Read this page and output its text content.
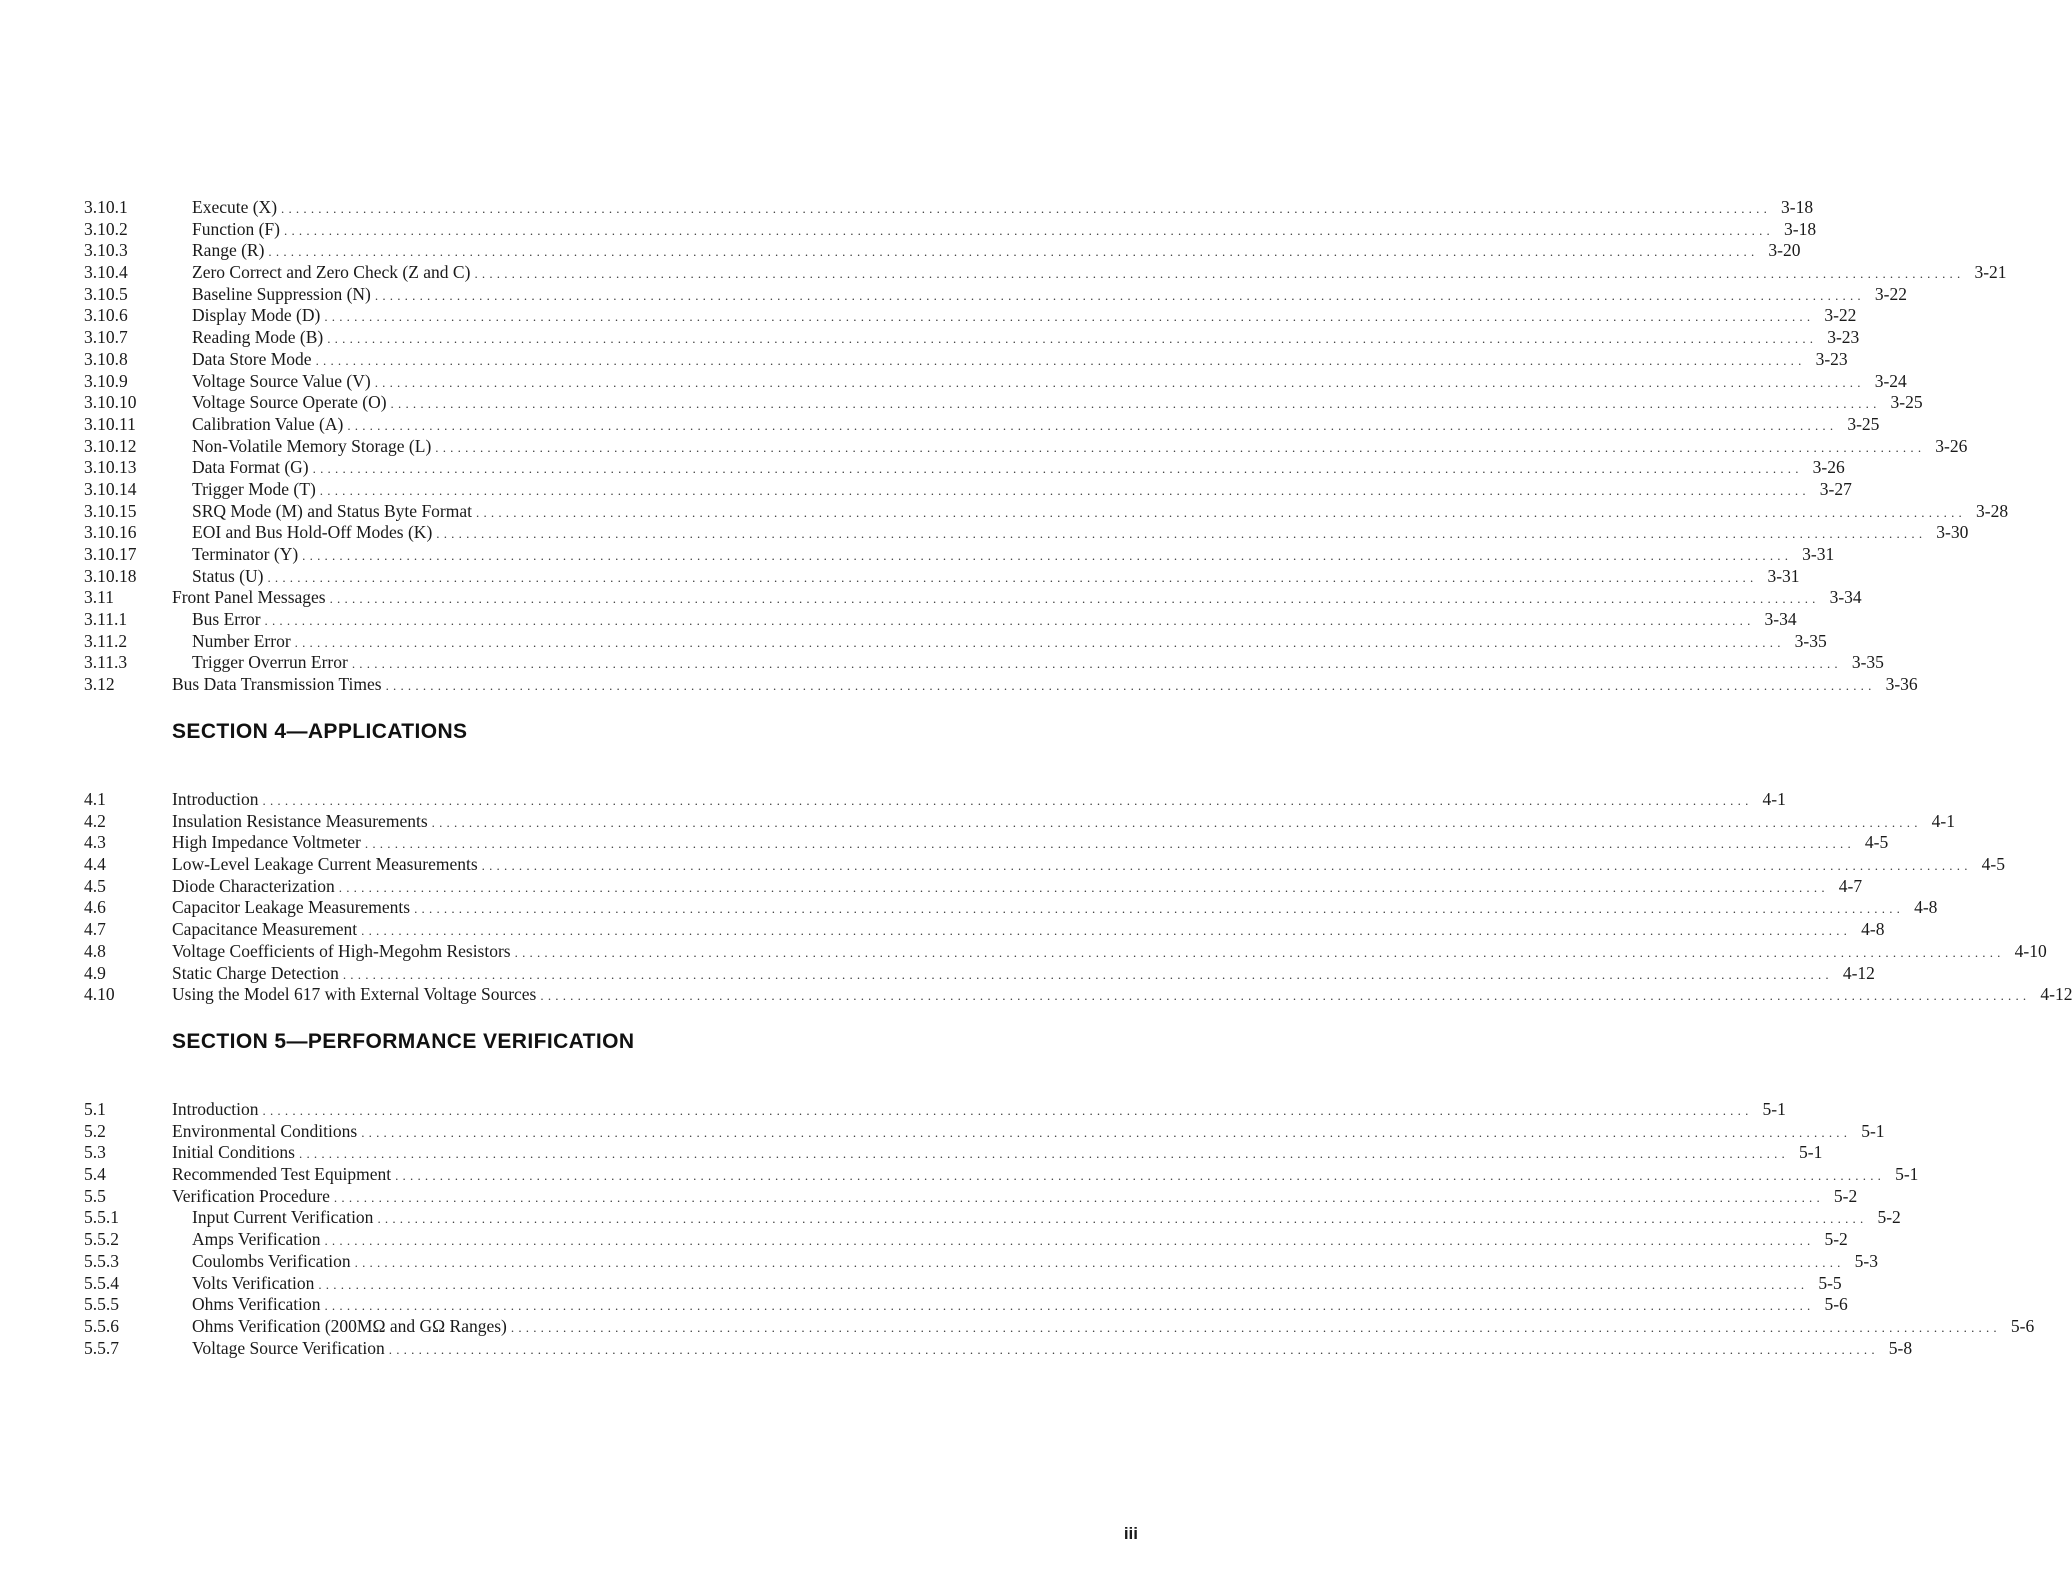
3.10.1	Execute (X) ........................................................................................................................................................................................................ 3-18
3.10.2	Function (F) ........................................................................................................................................................................................................ 3-18
3.10.3	Range (R) ........................................................................................................................................................................................................ 3-20
3.10.4	Zero Correct and Zero Check (Z and C) ........................................................................................................................................................................................................ 3-21
3.10.5	Baseline Suppression (N) ........................................................................................................................................................................................................ 3-22
3.10.6	Display Mode (D) ........................................................................................................................................................................................................ 3-22
3.10.7	Reading Mode (B) ........................................................................................................................................................................................................ 3-23
3.10.8	Data Store Mode ........................................................................................................................................................................................................ 3-23
3.10.9	Voltage Source Value (V) ........................................................................................................................................................................................................ 3-24
3.10.10	Voltage Source Operate (O) ........................................................................................................................................................................................................ 3-25
3.10.11	Calibration Value (A) ........................................................................................................................................................................................................ 3-25
3.10.12	Non-Volatile Memory Storage (L) ........................................................................................................................................................................................................ 3-26
3.10.13	Data Format (G) ........................................................................................................................................................................................................ 3-26
3.10.14	Trigger Mode (T) ........................................................................................................................................................................................................ 3-27
3.10.15	SRQ Mode (M) and Status Byte Format ........................................................................................................................................................................................................ 3-28
3.10.16	EOI and Bus Hold-Off Modes (K) ........................................................................................................................................................................................................ 3-30
3.10.17	Terminator (Y) ........................................................................................................................................................................................................ 3-31
3.10.18	Status (U) ........................................................................................................................................................................................................ 3-31
3.11	Front Panel Messages ........................................................................................................................................................................................................ 3-34
3.11.1	Bus Error ........................................................................................................................................................................................................ 3-34
3.11.2	Number Error ........................................................................................................................................................................................................ 3-35
3.11.3	Trigger Overrun Error ........................................................................................................................................................................................................ 3-35
3.12	Bus Data Transmission Times ........................................................................................................................................................................................................ 3-36
SECTION 4—APPLICATIONS
4.1	Introduction ........................................................................................................................................................................................................ 4-1
4.2	Insulation Resistance Measurements ........................................................................................................................................................................................................ 4-1
4.3	High Impedance Voltmeter ........................................................................................................................................................................................................ 4-5
4.4	Low-Level Leakage Current Measurements ........................................................................................................................................................................................................ 4-5
4.5	Diode Characterization ........................................................................................................................................................................................................ 4-7
4.6	Capacitor Leakage Measurements ........................................................................................................................................................................................................ 4-8
4.7	Capacitance Measurement ........................................................................................................................................................................................................ 4-8
4.8	Voltage Coefficients of High-Megohm Resistors ........................................................................................................................................................................................................ 4-10
4.9	Static Charge Detection ........................................................................................................................................................................................................ 4-12
4.10	Using the Model 617 with External Voltage Sources ........................................................................................................................................................................................................ 4-12
SECTION 5—PERFORMANCE VERIFICATION
5.1	Introduction ........................................................................................................................................................................................................ 5-1
5.2	Environmental Conditions ........................................................................................................................................................................................................ 5-1
5.3	Initial Conditions ........................................................................................................................................................................................................ 5-1
5.4	Recommended Test Equipment ........................................................................................................................................................................................................ 5-1
5.5	Verification Procedure ........................................................................................................................................................................................................ 5-2
5.5.1	Input Current Verification ........................................................................................................................................................................................................ 5-2
5.5.2	Amps Verification ........................................................................................................................................................................................................ 5-2
5.5.3	Coulombs Verification ........................................................................................................................................................................................................ 5-3
5.5.4	Volts Verification ........................................................................................................................................................................................................ 5-5
5.5.5	Ohms Verification ........................................................................................................................................................................................................ 5-6
5.5.6	Ohms Verification (200MΩ and GΩ Ranges) ........................................................................................................................................................................................................ 5-6
5.5.7	Voltage Source Verification ........................................................................................................................................................................................................ 5-8
iii
